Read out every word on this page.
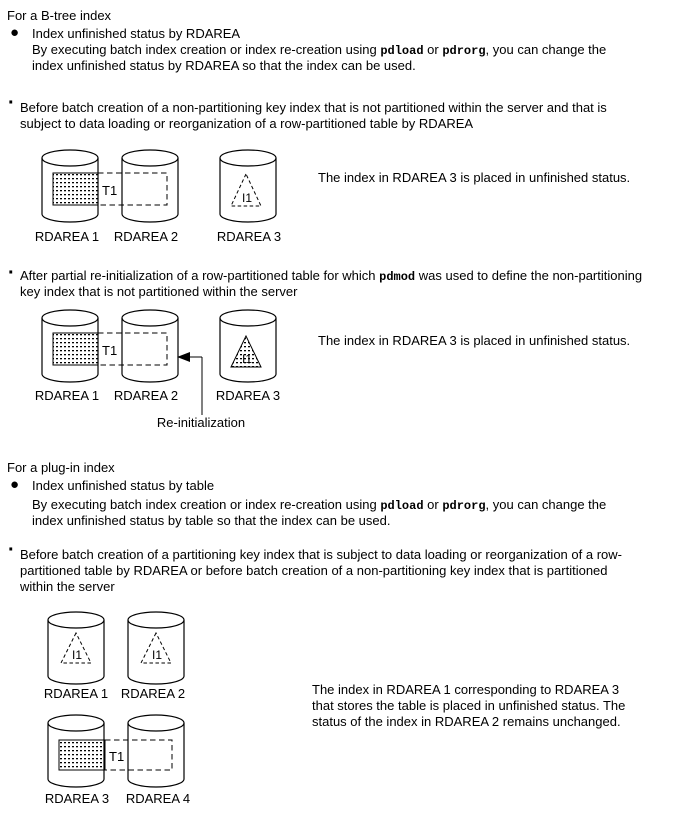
For a B-tree index
● Index unfinished status by RDAREA
By executing batch index creation or index re-creation using pdload or pdrorg, you can change the
index unfinished status by RDAREA so that the index can be used.
· Before batch creation of a non-partitioning key index that is not partitioned within the server and that is
subject to data loading or reorganization of a row-partitioned table by RDAREA
T1	I1
RDAREA 1 RDAREA 2	RDAREA 3
The index in RDAREA 3 is placed in unfinished status.
· After partial re-initialization of a row-partitioned table for which pdmod was used to define the non-partitioning
key index that is not partitioned within the server
T1
I1
Re-initialization
RDAREA 1 RDAREA 2	RDAREA 3
The index in RDAREA 3 is placed in unfinished status.
For a plug-in index
● Index unfinished status by table
By executing batch index creation or index re-creation using pdload or pdrorg, you can change the
index unfinished status by table so that the index can be used.
· Before batch creation of a partitioning key index that is subject to data loading or reorganization of a row-
partitioned table by RDAREA or before batch creation of a non-partitioning key index that is partitioned
within the server
I1	I1
RDAREA 1 RDAREA 2
T1
RDAREA 3 RDAREA 4
The index in RDAREA 1 corresponding to RDAREA 3
that stores the table is placed in unfinished status. The
status of the index in RDAREA 2 remains unchanged.
